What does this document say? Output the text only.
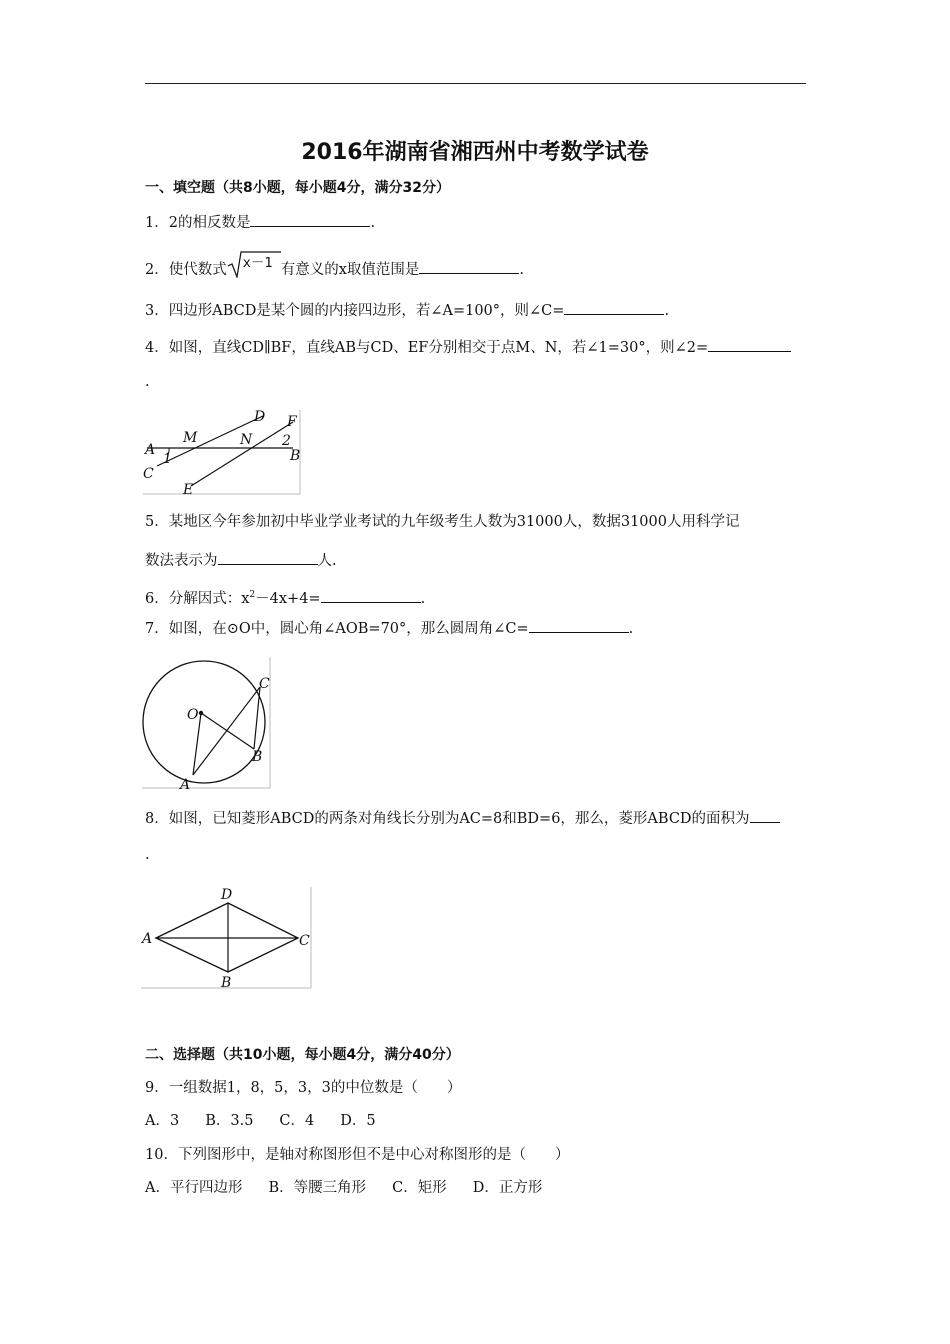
2016年湖南省湘西州中考数学试卷
一、填空题（共8小题，每小题4分，满分32分）
1．2的相反数是	.
2．使代数式 x－1 有意义的x取值范围是	.
3．四边形ABCD是某个圆的内接四边形，若∠A=100°，则∠C=	.
4．如图，直线CD∥BF，直线AB与CD、EF分别相交于点M、N，若∠1=30°，则∠2=
.
A
M
D
N
F
2
1	B
C
E
5．某地区今年参加初中毕业学业考试的九年级考生人数为31000人，数据31000人用科学记
数法表示为	人.
6．分解因式：$x^2-4x+4=$	.
7．如图，在⊙O中，圆心角∠AOB=70°，那么圆周角∠C=	.
O
C
B
A
8．如图，已知菱形ABCD的两条对角线长分别为AC=8和BD=6，那么，菱形ABCD的面积为
.
D
A	C
B
二、选择题（共10小题，每小题4分，满分40分）
9．一组数据1，8，5，3，3的中位数是（　　）
A．3 B．3.5 C．4 D．5
10．下列图形中，是轴对称图形但不是中心对称图形的是（　　）
A．平行四边形 B．等腰三角形 C．矩形 D．正方形
